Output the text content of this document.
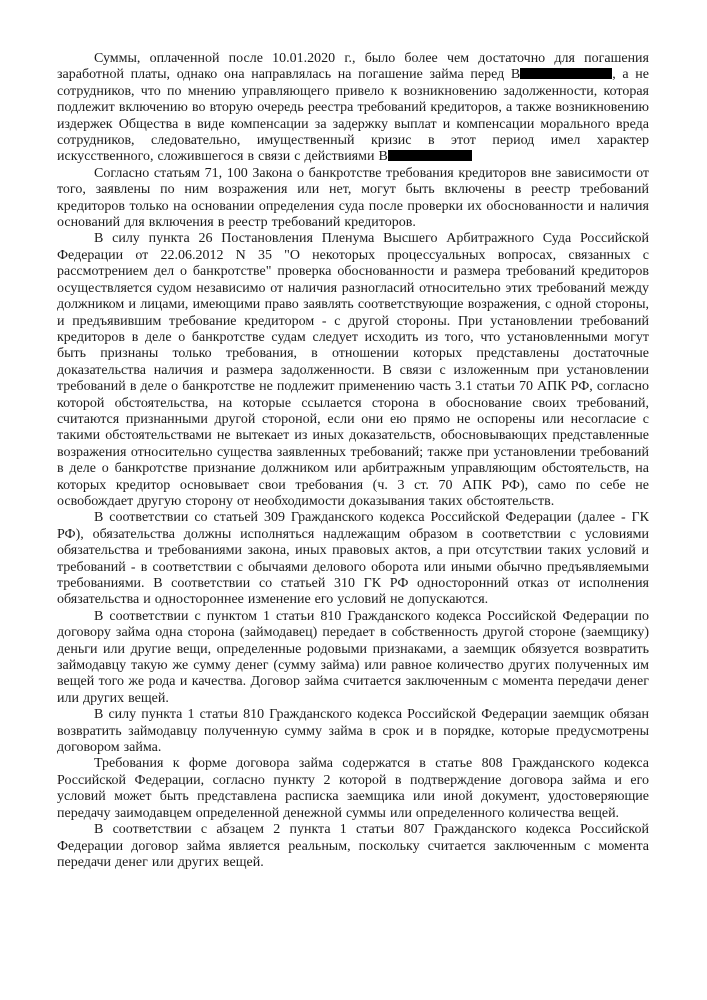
Суммы, оплаченной после 10.01.2020 г., было более чем достаточно для погашения заработной платы, однако она направлялась на погашение займа перед В	, а не сотрудников, что по мнению управляющего привело к возникновению задолженности, которая подлежит включению во вторую очередь реестра требований кредиторов, а также возникновению издержек Общества в виде компенсации за задержку выплат и компенсации морального вреда сотрудников, следовательно, имущественный кризис в этот период имел характер искусственного, сложившегося в связи с действиями В

Согласно статьям 71, 100 Закона о банкротстве требования кредиторов вне зависимости от того, заявлены по ним возражения или нет, могут быть включены в реестр требований кредиторов только на основании определения суда после проверки их обоснованности и наличия оснований для включения в реестр требований кредиторов.

В силу пункта 26 Постановления Пленума Высшего Арбитражного Суда Российской Федерации от 22.06.2012 N 35 "О некоторых процессуальных вопросах, связанных с рассмотрением дел о банкротстве" проверка обоснованности и размера требований кредиторов осуществляется судом независимо от наличия разногласий относительно этих требований между должником и лицами, имеющими право заявлять соответствующие возражения, с одной стороны, и предъявившим требование кредитором - с другой стороны. При установлении требований кредиторов в деле о банкротстве судам следует исходить из того, что установленными могут быть признаны только требования, в отношении которых представлены достаточные доказательства наличия и размера задолженности. В связи с изложенным при установлении требований в деле о банкротстве не подлежит применению часть 3.1 статьи 70 АПК РФ, согласно которой обстоятельства, на которые ссылается сторона в обоснование своих требований, считаются признанными другой стороной, если они ею прямо не оспорены или несогласие с такими обстоятельствами не вытекает из иных доказательств, обосновывающих представленные возражения относительно существа заявленных требований; также при установлении требований в деле о банкротстве признание должником или арбитражным управляющим обстоятельств, на которых кредитор основывает свои требования (ч. 3 ст. 70 АПК РФ), само по себе не освобождает другую сторону от необходимости доказывания таких обстоятельств.

В соответствии со статьей 309 Гражданского кодекса Российской Федерации (далее - ГК РФ), обязательства должны исполняться надлежащим образом в соответствии с условиями обязательства и требованиями закона, иных правовых актов, а при отсутствии таких условий и требований - в соответствии с обычаями делового оборота или иными обычно предъявляемыми требованиями. В соответствии со статьей 310 ГК РФ односторонний отказ от исполнения обязательства и одностороннее изменение его условий не допускаются.

В соответствии с пунктом 1 статьи 810 Гражданского кодекса Российской Федерации по договору займа одна сторона (займодавец) передает в собственность другой стороне (заемщику) деньги или другие вещи, определенные родовыми признаками, а заемщик обязуется возвратить займодавцу такую же сумму денег (сумму займа) или равное количество других полученных им вещей того же рода и качества. Договор займа считается заключенным с момента передачи денег или других вещей.

В силу пункта 1 статьи 810 Гражданского кодекса Российской Федерации заемщик обязан возвратить займодавцу полученную сумму займа в срок и в порядке, которые предусмотрены договором займа.

Требования к форме договора займа содержатся в статье 808 Гражданского кодекса Российской Федерации, согласно пункту 2 которой в подтверждение договора займа и его условий может быть представлена расписка заемщика или иной документ, удостоверяющие передачу заимодавцем определенной денежной суммы или определенного количества вещей.

В соответствии с абзацем 2 пункта 1 статьи 807 Гражданского кодекса Российской Федерации договор займа является реальным, поскольку считается заключенным с момента передачи денег или других вещей.
